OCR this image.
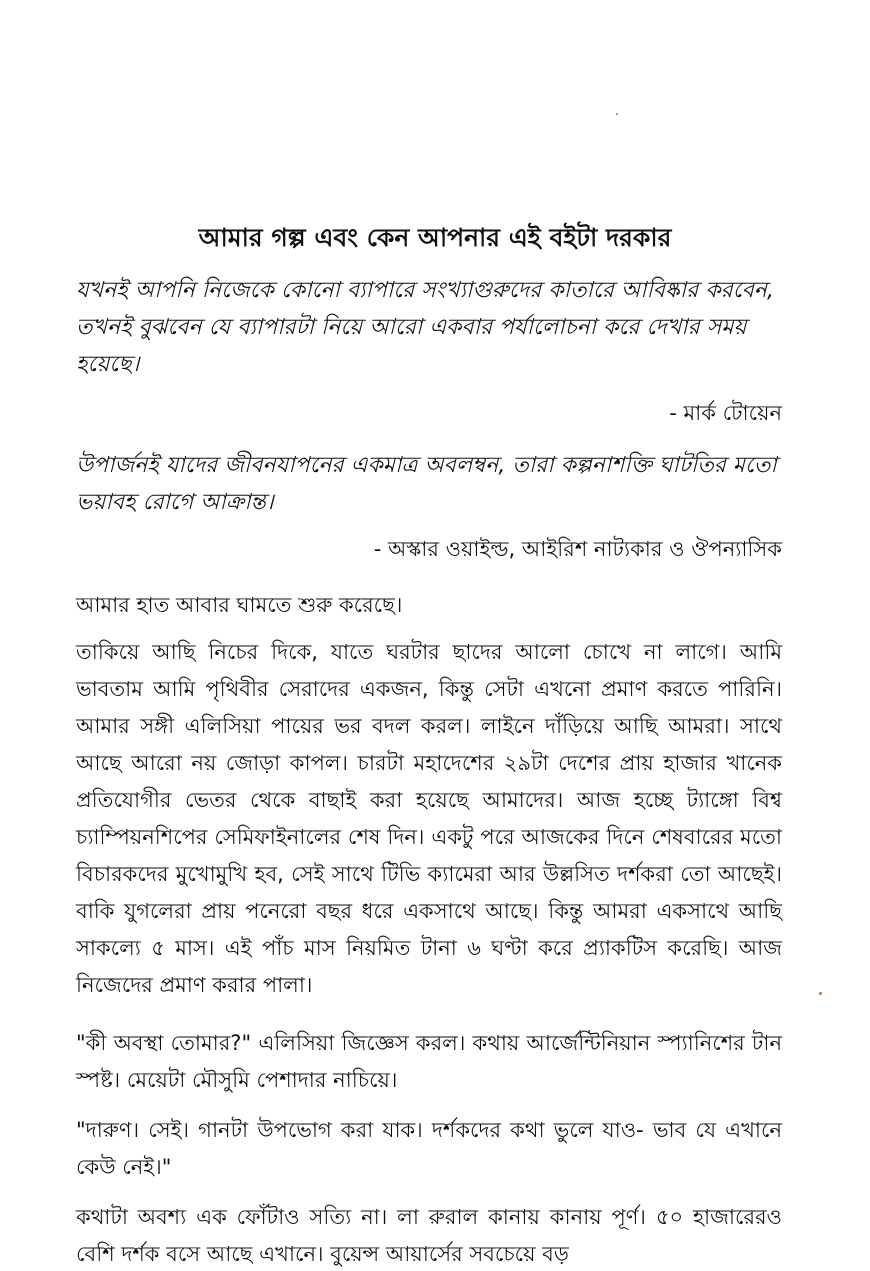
আমার গল্প এবং কেন আপনার এই বইটা দরকার

যখনই আপনি নিজেকে কোনো ব্যাপারে সংখ্যাগুরুদের কাতারে আবিষ্কার করবেন, তখনই বুঝবেন যে ব্যাপারটা নিয়ে আরো একবার পর্যালোচনা করে দেখার সময় হয়েছে।

- মার্ক টোয়েন

উপার্জনই যাদের জীবনযাপনের একমাত্র অবলম্বন, তারা কল্পনাশক্তি ঘাটতির মতো ভয়াবহ রোগে আক্রান্ত।

- অস্কার ওয়াইল্ড, আইরিশ নাট্যকার ও ঔপন্যাসিক

আমার হাত আবার ঘামতে শুরু করেছে।

তাকিয়ে আছি নিচের দিকে, যাতে ঘরটার ছাদের আলো চোখে না লাগে। আমি ভাবতাম আমি পৃথিবীর সেরাদের একজন, কিন্তু সেটা এখনো প্রমাণ করতে পারিনি। আমার সঙ্গী এলিসিয়া পায়ের ভর বদল করল। লাইনে দাঁড়িয়ে আছি আমরা। সাথে আছে আরো নয় জোড়া কাপল। চারটা মহাদেশের ২৯টা দেশের প্রায় হাজার খানেক প্রতিযোগীর ভেতর থেকে বাছাই করা হয়েছে আমাদের। আজ হচ্ছে ট্যাঙ্গো বিশ্ব চ্যাম্পিয়নশিপের সেমিফাইনালের শেষ দিন। একটু পরে আজকের দিনে শেষবারের মতো বিচারকদের মুখোমুখি হব, সেই সাথে টিভি ক্যামেরা আর উল্লসিত দর্শকরা তো আছেই। বাকি যুগলেরা প্রায় পনেরো বছর ধরে একসাথে আছে। কিন্তু আমরা একসাথে আছি সাকল্যে ৫ মাস। এই পাঁচ মাস নিয়মিত টানা ৬ ঘণ্টা করে প্র্যাকটিস করেছি। আজ নিজেদের প্রমাণ করার পালা।

"কী অবস্থা তোমার?" এলিসিয়া জিজ্ঞেস করল। কথায় আর্জেন্টিনিয়ান স্প্যানিশের টান স্পষ্ট। মেয়েটা মৌসুমি পেশাদার নাচিয়ে।

"দারুণ। সেই। গানটা উপভোগ করা যাক। দর্শকদের কথা ভুলে যাও- ভাব যে এখানে কেউ নেই।"

কথাটা অবশ্য এক ফোঁটাও সত্যি না। লা রুরাল কানায় কানায় পূর্ণ। ৫০ হাজারেরও বেশি দর্শক বসে আছে এখানে। বুয়েন্স আয়ার্সের সবচেয়ে বড়
